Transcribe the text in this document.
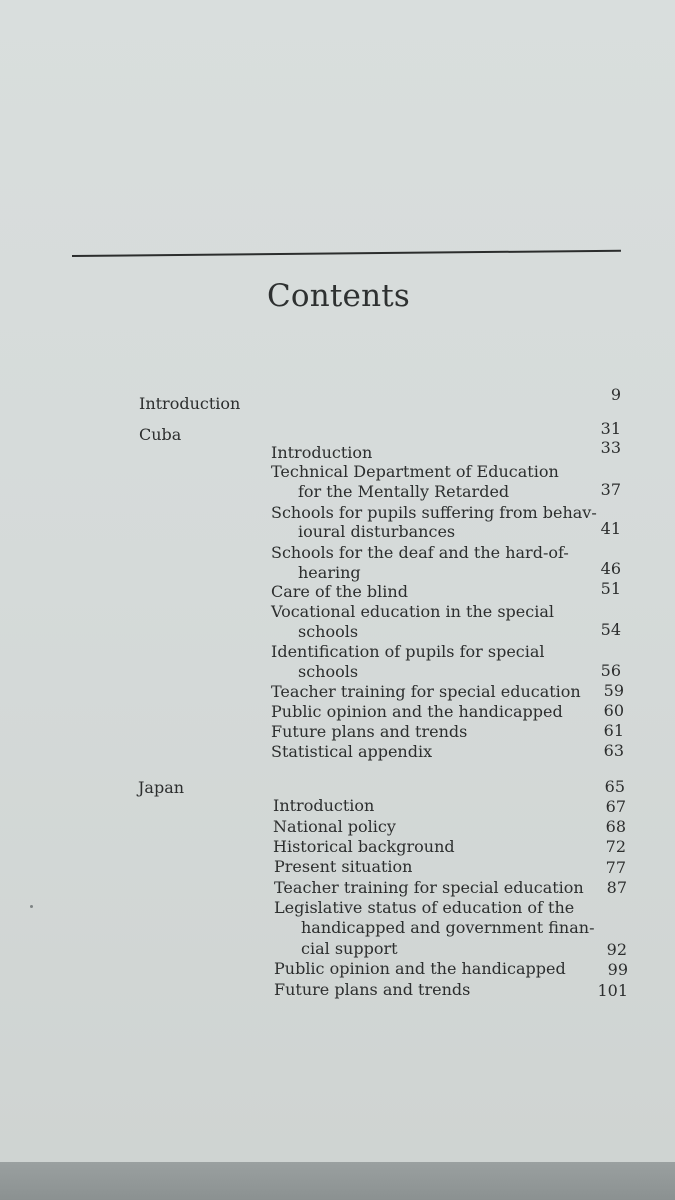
Contents
Introduction	9
Cuba	31
Introduction	33
Technical Department of Education
for the Mentally Retarded	37
Schools for pupils suffering from behav-
ioural disturbances	41
Schools for the deaf and the hard-of-
hearing	46
Care of the blind	51
Vocational education in the special
schools	54
Identification of pupils for special
schools	56
Teacher training for special education	59
Public opinion and the handicapped	60
Future plans and trends	61
Statistical appendix	63
Japan	65
Introduction	67
National policy	68
Historical background	72
Present situation	77
Teacher training for special education	87
Legislative status of education of the
handicapped and government finan-
cial support	92
Public opinion and the handicapped	99
Future plans and trends	101
